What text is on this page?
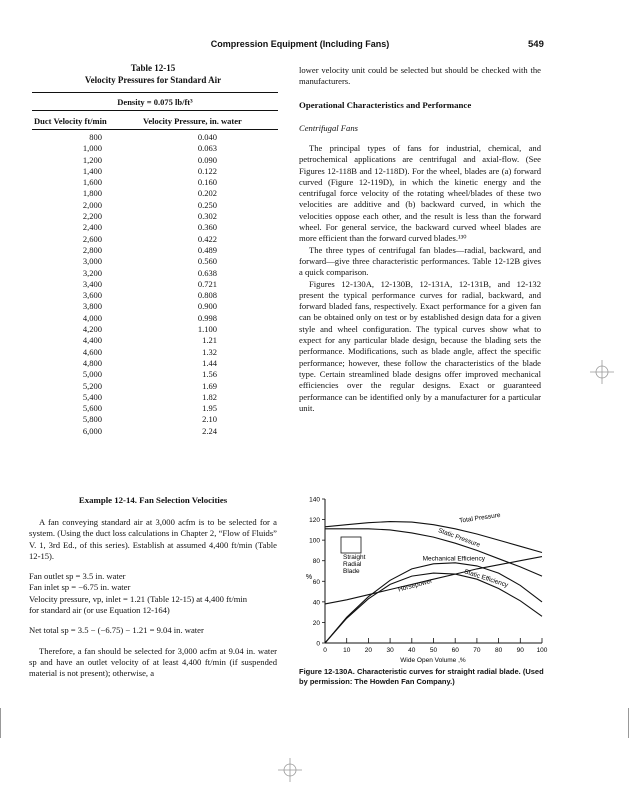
Compression Equipment (Including Fans)	549
Table 12-15
Velocity Pressures for Standard Air
Density = 0.075 lb/ft³
Duct Velocity ft/min	Velocity Pressure, in. water
800	0.040
1,000	0.063
1,200	0.090
1,400	0.122
1,600	0.160
1,800	0.202
2,000	0.250
2,200	0.302
2,400	0.360
2,600	0.422
2,800	0.489
3,000	0.560
3,200	0.638
3,400	0.721
3,600	0.808
3,800	0.900
4,000	0.998
4,200	1.100
4,400	1.21
4,600	1.32
4,800	1.44
5,000	1.56
5,200	1.69
5,400	1.82
5,600	1.95
5,800	2.10
6,000	2.24
lower velocity unit could be selected but should be checked with the manufacturers.
Operational Characteristics and Performance
Centrifugal Fans

The principal types of fans for industrial, chemical, and petrochemical applications are centrifugal and axial-flow. (See Figures 12-118B and 12-118D). For the wheel, blades are (a) forward curved (Figure 12-119D), in which the kinetic energy and the centrifugal force velocity of the rotating wheel/blades of these two velocities are additive and (b) backward curved, in which the velocities oppose each other, and the result is less than the forward wheel. For general service, the backward curved wheel blades are more efficient than the forward curved blades.¹³⁰

The three types of centrifugal fan blades—radial, backward, and forward—give three characteristic performances. Table 12-12B gives a quick comparison.

Figures 12-130A, 12-130B, 12-131A, 12-131B, and 12-132 present the typical performance curves for radial, backward, and forward bladed fans, respectively. Exact performance for a given fan can be obtained only on test or by established design data for a given style and wheel configuration. The typical curves show what to expect for any particular blade design, because the blading sets the performance. Modifications, such as blade angle, affect the specific performance; however, these follow the characteristics of the blade type. Certain streamlined blade designs offer improved mechanical efficiencies over the regular designs. Exact or guaranteed performance can be identified only by a manufacturer for a particular unit.

Example 12-14. Fan Selection Velocities

A fan conveying standard air at 3,000 acfm is to be selected for a system. (Using the duct loss calculations in Chapter 2, “Flow of Fluids” V. 1, 3rd Ed., of this series). Establish at assumed 4,400 ft/min (Table 12-15).

Fan outlet sp = 3.5 in. water

Fan inlet sp = −6.75 in. water

Velocity pressure, vp, inlet = 1.21 (Table 12-15) at 4,400 ft/min

for standard air (or use Equation 12-164)

Net total sp = 3.5 − (−6.75) − 1.21 = 9.04 in. water

Therefore, a fan should be selected for 3,000 acfm at 9.04 in. water sp and have an outlet velocity of at least 4,400 ft/min (if suspended material is not present); otherwise, a

0
20
40
60
80
100
120
140
0	10 20 30 40 50 60 70 80 90 100
Total Pressure
Static Pressure
Mechanical Efficiency
Static Efficiency
Horsepower
Straight Radial Blade
Wide Open Volume ,%
%
Figure 12-130A. Characteristic curves for straight radial blade. (Used by permission: The Howden Fan Company.)
